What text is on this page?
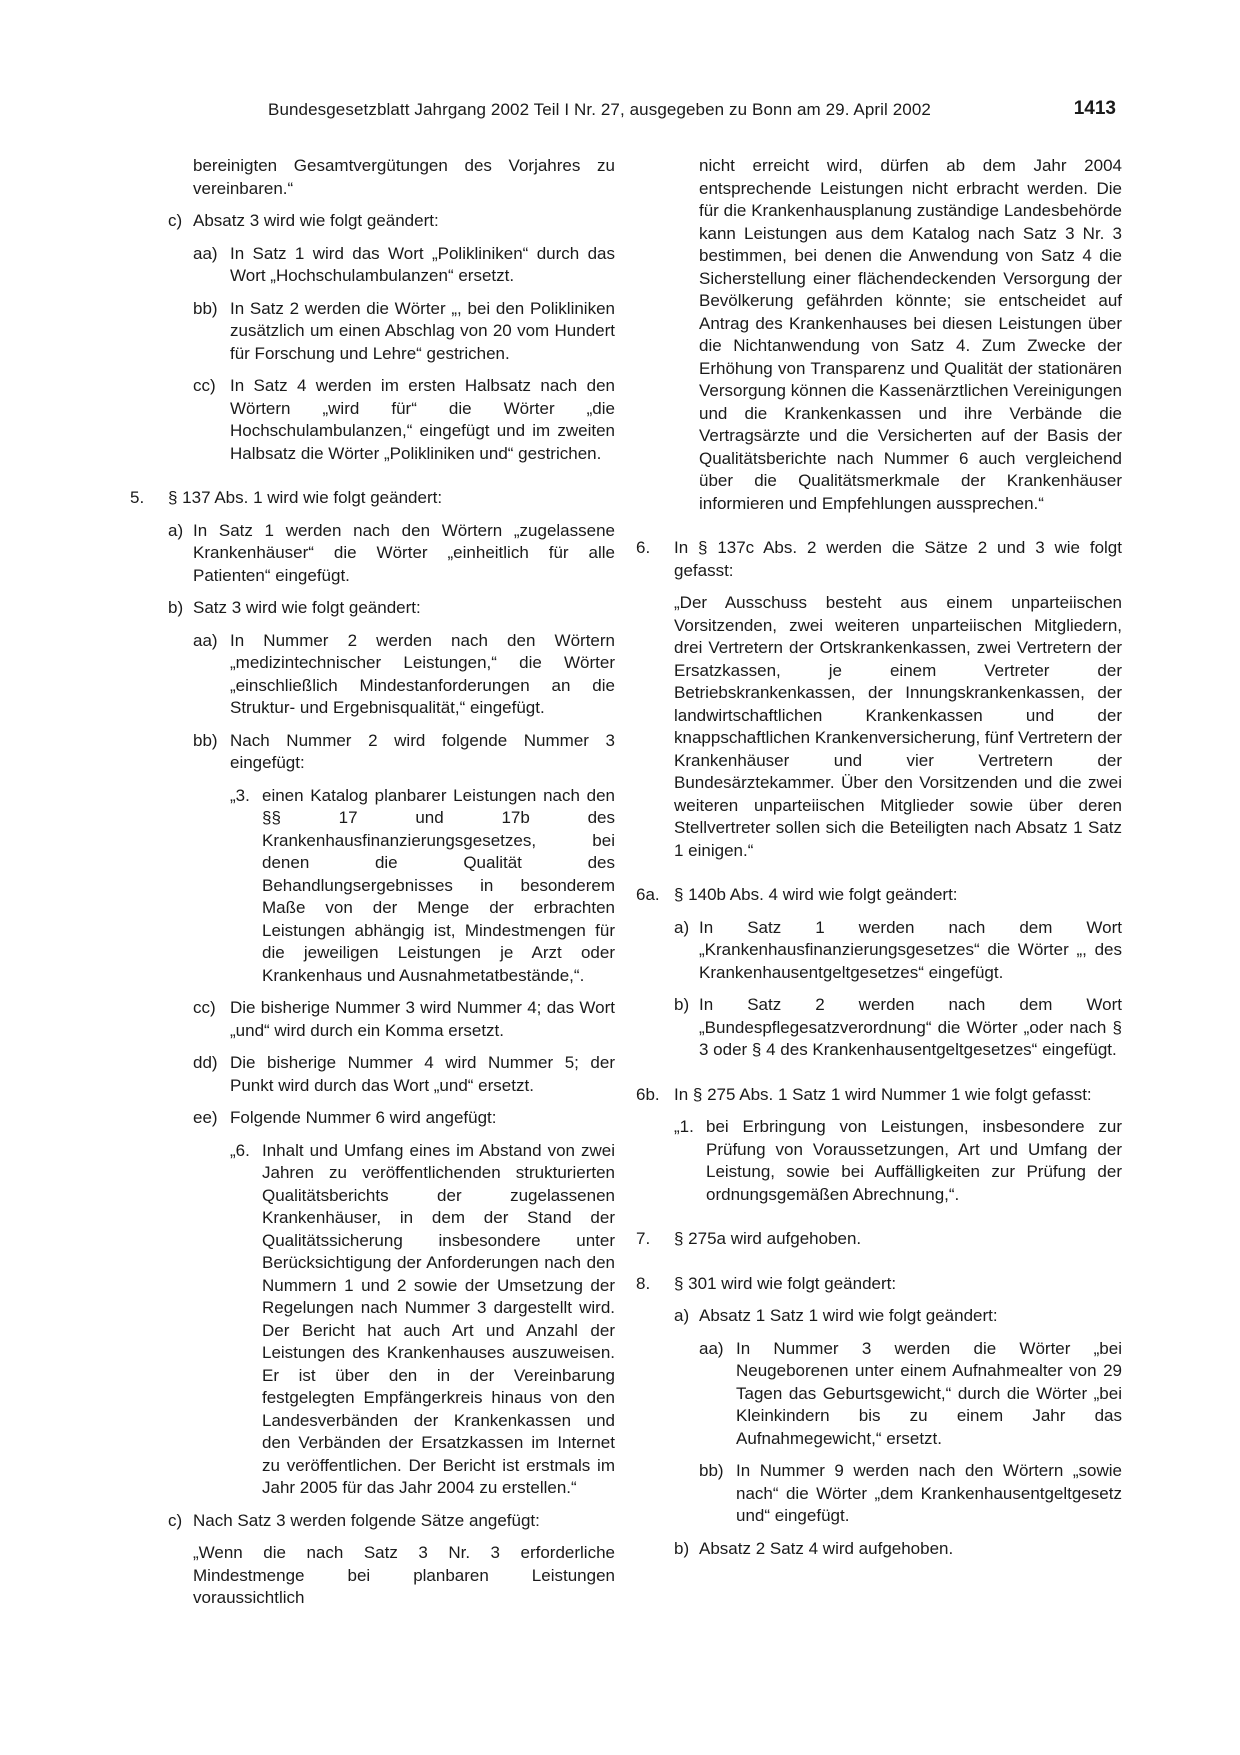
Bundesgesetzblatt Jahrgang 2002 Teil I Nr. 27, ausgegeben zu Bonn am 29. April 2002	1413
bereinigten Gesamtvergütungen des Vorjahres zu vereinbaren.“
c) Absatz 3 wird wie folgt geändert:
aa) In Satz 1 wird das Wort „Polikliniken“ durch das Wort „Hochschulambulanzen“ ersetzt.
bb) In Satz 2 werden die Wörter „, bei den Polikliniken zusätzlich um einen Abschlag von 20 vom Hundert für Forschung und Lehre“ gestrichen.
cc) In Satz 4 werden im ersten Halbsatz nach den Wörtern „wird für“ die Wörter „die Hochschulambulanzen,“ eingefügt und im zweiten Halbsatz die Wörter „Polikliniken und“ gestrichen.
5. § 137 Abs. 1 wird wie folgt geändert:
a) In Satz 1 werden nach den Wörtern „zugelassene Krankenhäuser“ die Wörter „einheitlich für alle Patienten“ eingefügt.
b) Satz 3 wird wie folgt geändert:
aa) In Nummer 2 werden nach den Wörtern „medizintechnischer Leistungen,“ die Wörter „einschließlich Mindestanforderungen an die Struktur- und Ergebnisqualität,“ eingefügt.
bb) Nach Nummer 2 wird folgende Nummer 3 eingefügt:
„3. einen Katalog planbarer Leistungen nach den §§ 17 und 17b des Krankenhausfinanzierungsgesetzes, bei denen die Qualität des Behandlungsergebnisses in besonderem Maße von der Menge der erbrachten Leistungen abhängig ist, Mindestmengen für die jeweiligen Leistungen je Arzt oder Krankenhaus und Ausnahmetatbestände,“.
cc) Die bisherige Nummer 3 wird Nummer 4; das Wort „und“ wird durch ein Komma ersetzt.
dd) Die bisherige Nummer 4 wird Nummer 5; der Punkt wird durch das Wort „und“ ersetzt.
ee) Folgende Nummer 6 wird angefügt:
„6. Inhalt und Umfang eines im Abstand von zwei Jahren zu veröffentlichenden strukturierten Qualitätsberichts der zugelassenen Krankenhäuser, in dem der Stand der Qualitätssicherung insbesondere unter Berücksichtigung der Anforderungen nach den Nummern 1 und 2 sowie der Umsetzung der Regelungen nach Nummer 3 dargestellt wird. Der Bericht hat auch Art und Anzahl der Leistungen des Krankenhauses auszuweisen. Er ist über den in der Vereinbarung festgelegten Empfängerkreis hinaus von den Landesverbänden der Krankenkassen und den Verbänden der Ersatzkassen im Internet zu veröffentlichen. Der Bericht ist erstmals im Jahr 2005 für das Jahr 2004 zu erstellen.“
c) Nach Satz 3 werden folgende Sätze angefügt:
„Wenn die nach Satz 3 Nr. 3 erforderliche Mindestmenge bei planbaren Leistungen voraussichtlich
nicht erreicht wird, dürfen ab dem Jahr 2004 entsprechende Leistungen nicht erbracht werden. Die für die Krankenhausplanung zuständige Landesbehörde kann Leistungen aus dem Katalog nach Satz 3 Nr. 3 bestimmen, bei denen die Anwendung von Satz 4 die Sicherstellung einer flächendeckenden Versorgung der Bevölkerung gefährden könnte; sie entscheidet auf Antrag des Krankenhauses bei diesen Leistungen über die Nichtanwendung von Satz 4. Zum Zwecke der Erhöhung von Transparenz und Qualität der stationären Versorgung können die Kassenärztlichen Vereinigungen und die Krankenkassen und ihre Verbände die Vertragsärzte und die Versicherten auf der Basis der Qualitätsberichte nach Nummer 6 auch vergleichend über die Qualitätsmerkmale der Krankenhäuser informieren und Empfehlungen aussprechen.“
6. In § 137c Abs. 2 werden die Sätze 2 und 3 wie folgt gefasst:
„Der Ausschuss besteht aus einem unparteiischen Vorsitzenden, zwei weiteren unparteiischen Mitgliedern, drei Vertretern der Ortskrankenkassen, zwei Vertretern der Ersatzkassen, je einem Vertreter der Betriebskrankenkassen, der Innungskrankenkassen, der landwirtschaftlichen Krankenkassen und der knappschaftlichen Krankenversicherung, fünf Vertretern der Krankenhäuser und vier Vertretern der Bundesärztekammer. Über den Vorsitzenden und die zwei weiteren unparteiischen Mitglieder sowie über deren Stellvertreter sollen sich die Beteiligten nach Absatz 1 Satz 1 einigen.“
6a. § 140b Abs. 4 wird wie folgt geändert:
a) In Satz 1 werden nach dem Wort „Krankenhausfinanzierungsgesetzes“ die Wörter „, des Krankenhausentgeltgesetzes“ eingefügt.
b) In Satz 2 werden nach dem Wort „Bundespflegesatzverordnung“ die Wörter „oder nach § 3 oder § 4 des Krankenhausentgeltgesetzes“ eingefügt.
6b. In § 275 Abs. 1 Satz 1 wird Nummer 1 wie folgt gefasst:
„1. bei Erbringung von Leistungen, insbesondere zur Prüfung von Voraussetzungen, Art und Umfang der Leistung, sowie bei Auffälligkeiten zur Prüfung der ordnungsgemäßen Abrechnung,“.
7. § 275a wird aufgehoben.
8. § 301 wird wie folgt geändert:
a) Absatz 1 Satz 1 wird wie folgt geändert:
aa) In Nummer 3 werden die Wörter „bei Neugeborenen unter einem Aufnahmealter von 29 Tagen das Geburtsgewicht,“ durch die Wörter „bei Kleinkindern bis zu einem Jahr das Aufnahmegewicht,“ ersetzt.
bb) In Nummer 9 werden nach den Wörtern „sowie nach“ die Wörter „dem Krankenhausentgeltgesetz und“ eingefügt.
b) Absatz 2 Satz 4 wird aufgehoben.
